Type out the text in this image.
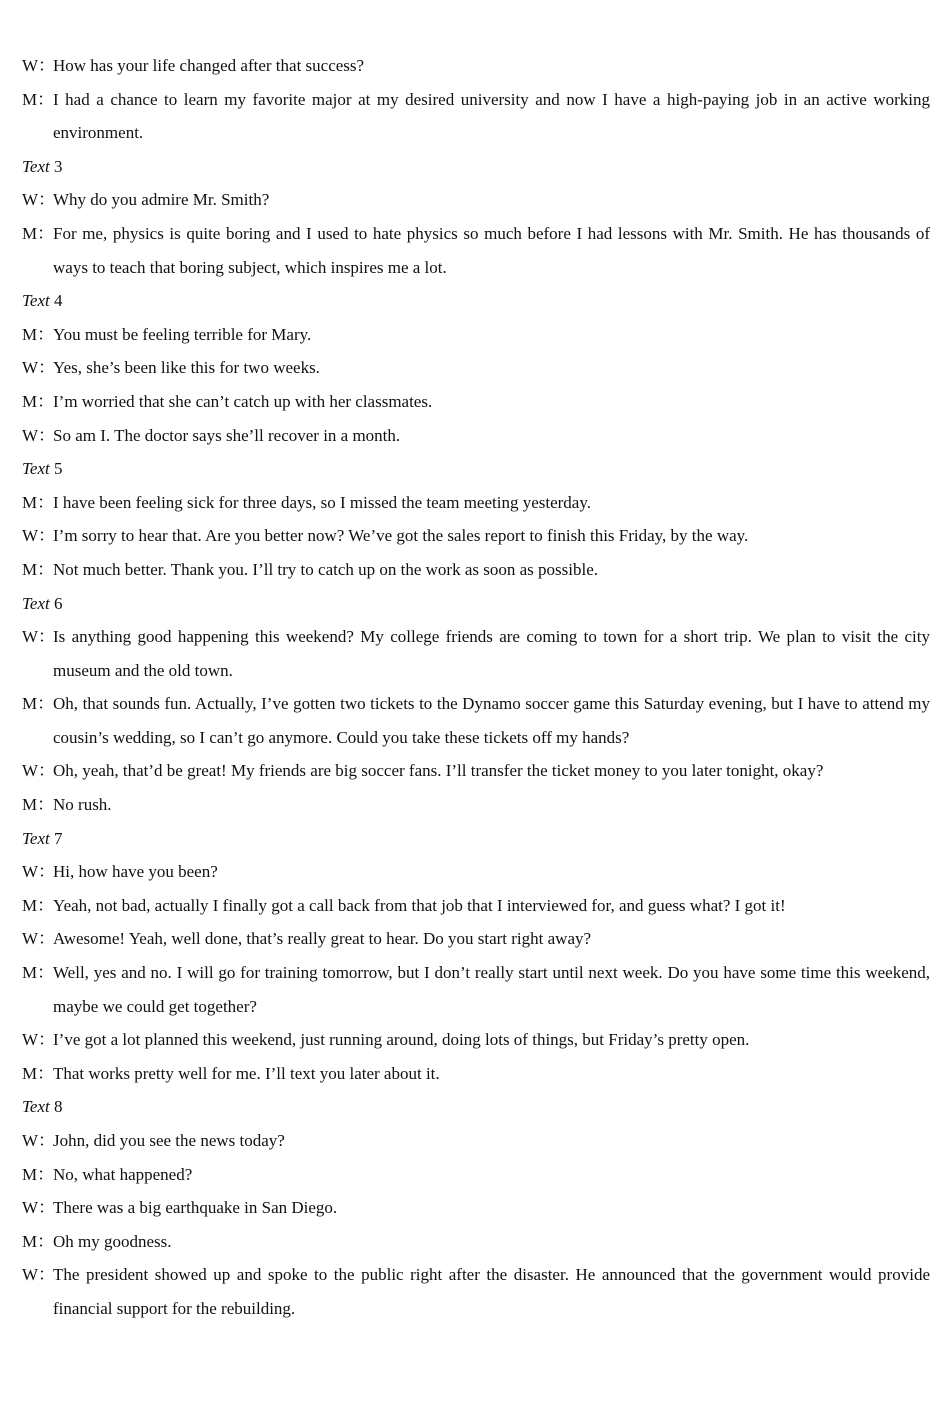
W：
How has your life changed after that success?
M：
I had a chance to learn my favorite major at my desired university and now I have a high-paying job in an active working environment.
Text 3
W：
Why do you admire Mr. Smith?
M：
For me, physics is quite boring and I used to hate physics so much before I had lessons with Mr. Smith. He has thousands of ways to teach that boring subject, which inspires me a lot.
Text 4
M：
You must be feeling terrible for Mary.
W：
Yes, she’s been like this for two weeks.
M：
I’m worried that she can’t catch up with her classmates.
W：
So am I. The doctor says she’ll recover in a month.
Text 5
M：
I have been feeling sick for three days, so I missed the team meeting yesterday.
W：
I’m sorry to hear that. Are you better now? We’ve got the sales report to finish this Friday, by the way.
M：
Not much better. Thank you. I’ll try to catch up on the work as soon as possible.
Text 6
W：
Is anything good happening this weekend? My college friends are coming to town for a short trip. We plan to visit the city museum and the old town.
M：
Oh, that sounds fun. Actually, I’ve gotten two tickets to the Dynamo soccer game this Saturday evening, but I have to attend my cousin’s wedding, so I can’t go anymore. Could you take these tickets off my hands?
W：
Oh, yeah, that’d be great! My friends are big soccer fans. I’ll transfer the ticket money to you later tonight, okay?
M：
No rush.
Text 7
W：
Hi, how have you been?
M：
Yeah, not bad, actually I finally got a call back from that job that I interviewed for, and guess what? I got it!
W：
Awesome! Yeah, well done, that’s really great to hear. Do you start right away?
M：
Well, yes and no. I will go for training tomorrow, but I don’t really start until next week. Do you have some time this weekend, maybe we could get together?
W：
I’ve got a lot planned this weekend, just running around, doing lots of things, but Friday’s pretty open.
M：
That works pretty well for me. I’ll text you later about it.
Text 8
W：
John, did you see the news today?
M：
No, what happened?
W：
There was a big earthquake in San Diego.
M：
Oh my goodness.
W：
The president showed up and spoke to the public right after the disaster. He announced that the government would provide financial support for the rebuilding.
